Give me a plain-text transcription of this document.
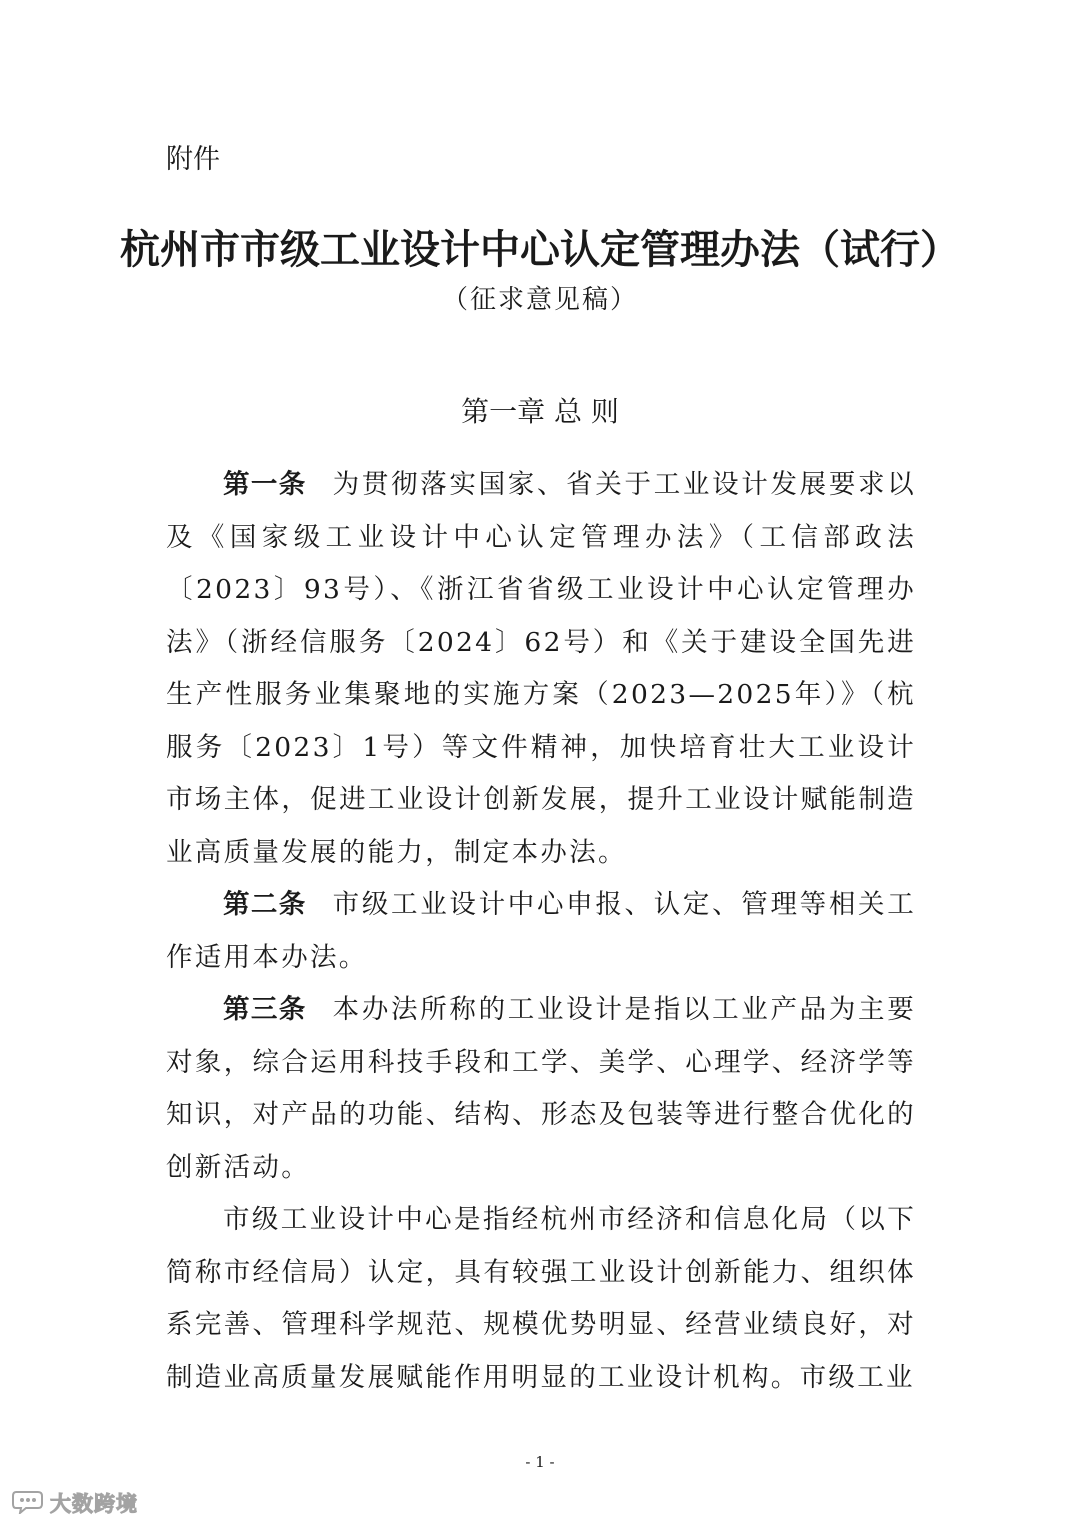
附件
杭州市市级工业设计中心认定管理办法（试行）
（征求意见稿）
第一章 总 则

第一条 为贯彻落实国家、省关于工业设计发展要求以及《国家级工业设计中心认定管理办法》（工信部政法〔2023〕93号）、《浙江省省级工业设计中心认定管理办法》（浙经信服务〔2024〕62号）和《关于建设全国先进生产性服务业集聚地的实施方案（2023—2025年）》（杭服务〔2023〕1号）等文件精神，加快培育壮大工业设计市场主体，促进工业设计创新发展，提升工业设计赋能制造业高质量发展的能力，制定本办法。

第二条 市级工业设计中心申报、认定、管理等相关工作适用本办法。

第三条 本办法所称的工业设计是指以工业产品为主要对象，综合运用科技手段和工学、美学、心理学、经济学等知识，对产品的功能、结构、形态及包装等进行整合优化的创新活动。

市级工业设计中心是指经杭州市经济和信息化局（以下简称市经信局）认定，具有较强工业设计创新能力、组织体系完善、管理科学规范、规模优势明显、经营业绩良好，对制造业高质量发展赋能作用明显的工业设计机构。市级工业

- 1 -
大数跨境
